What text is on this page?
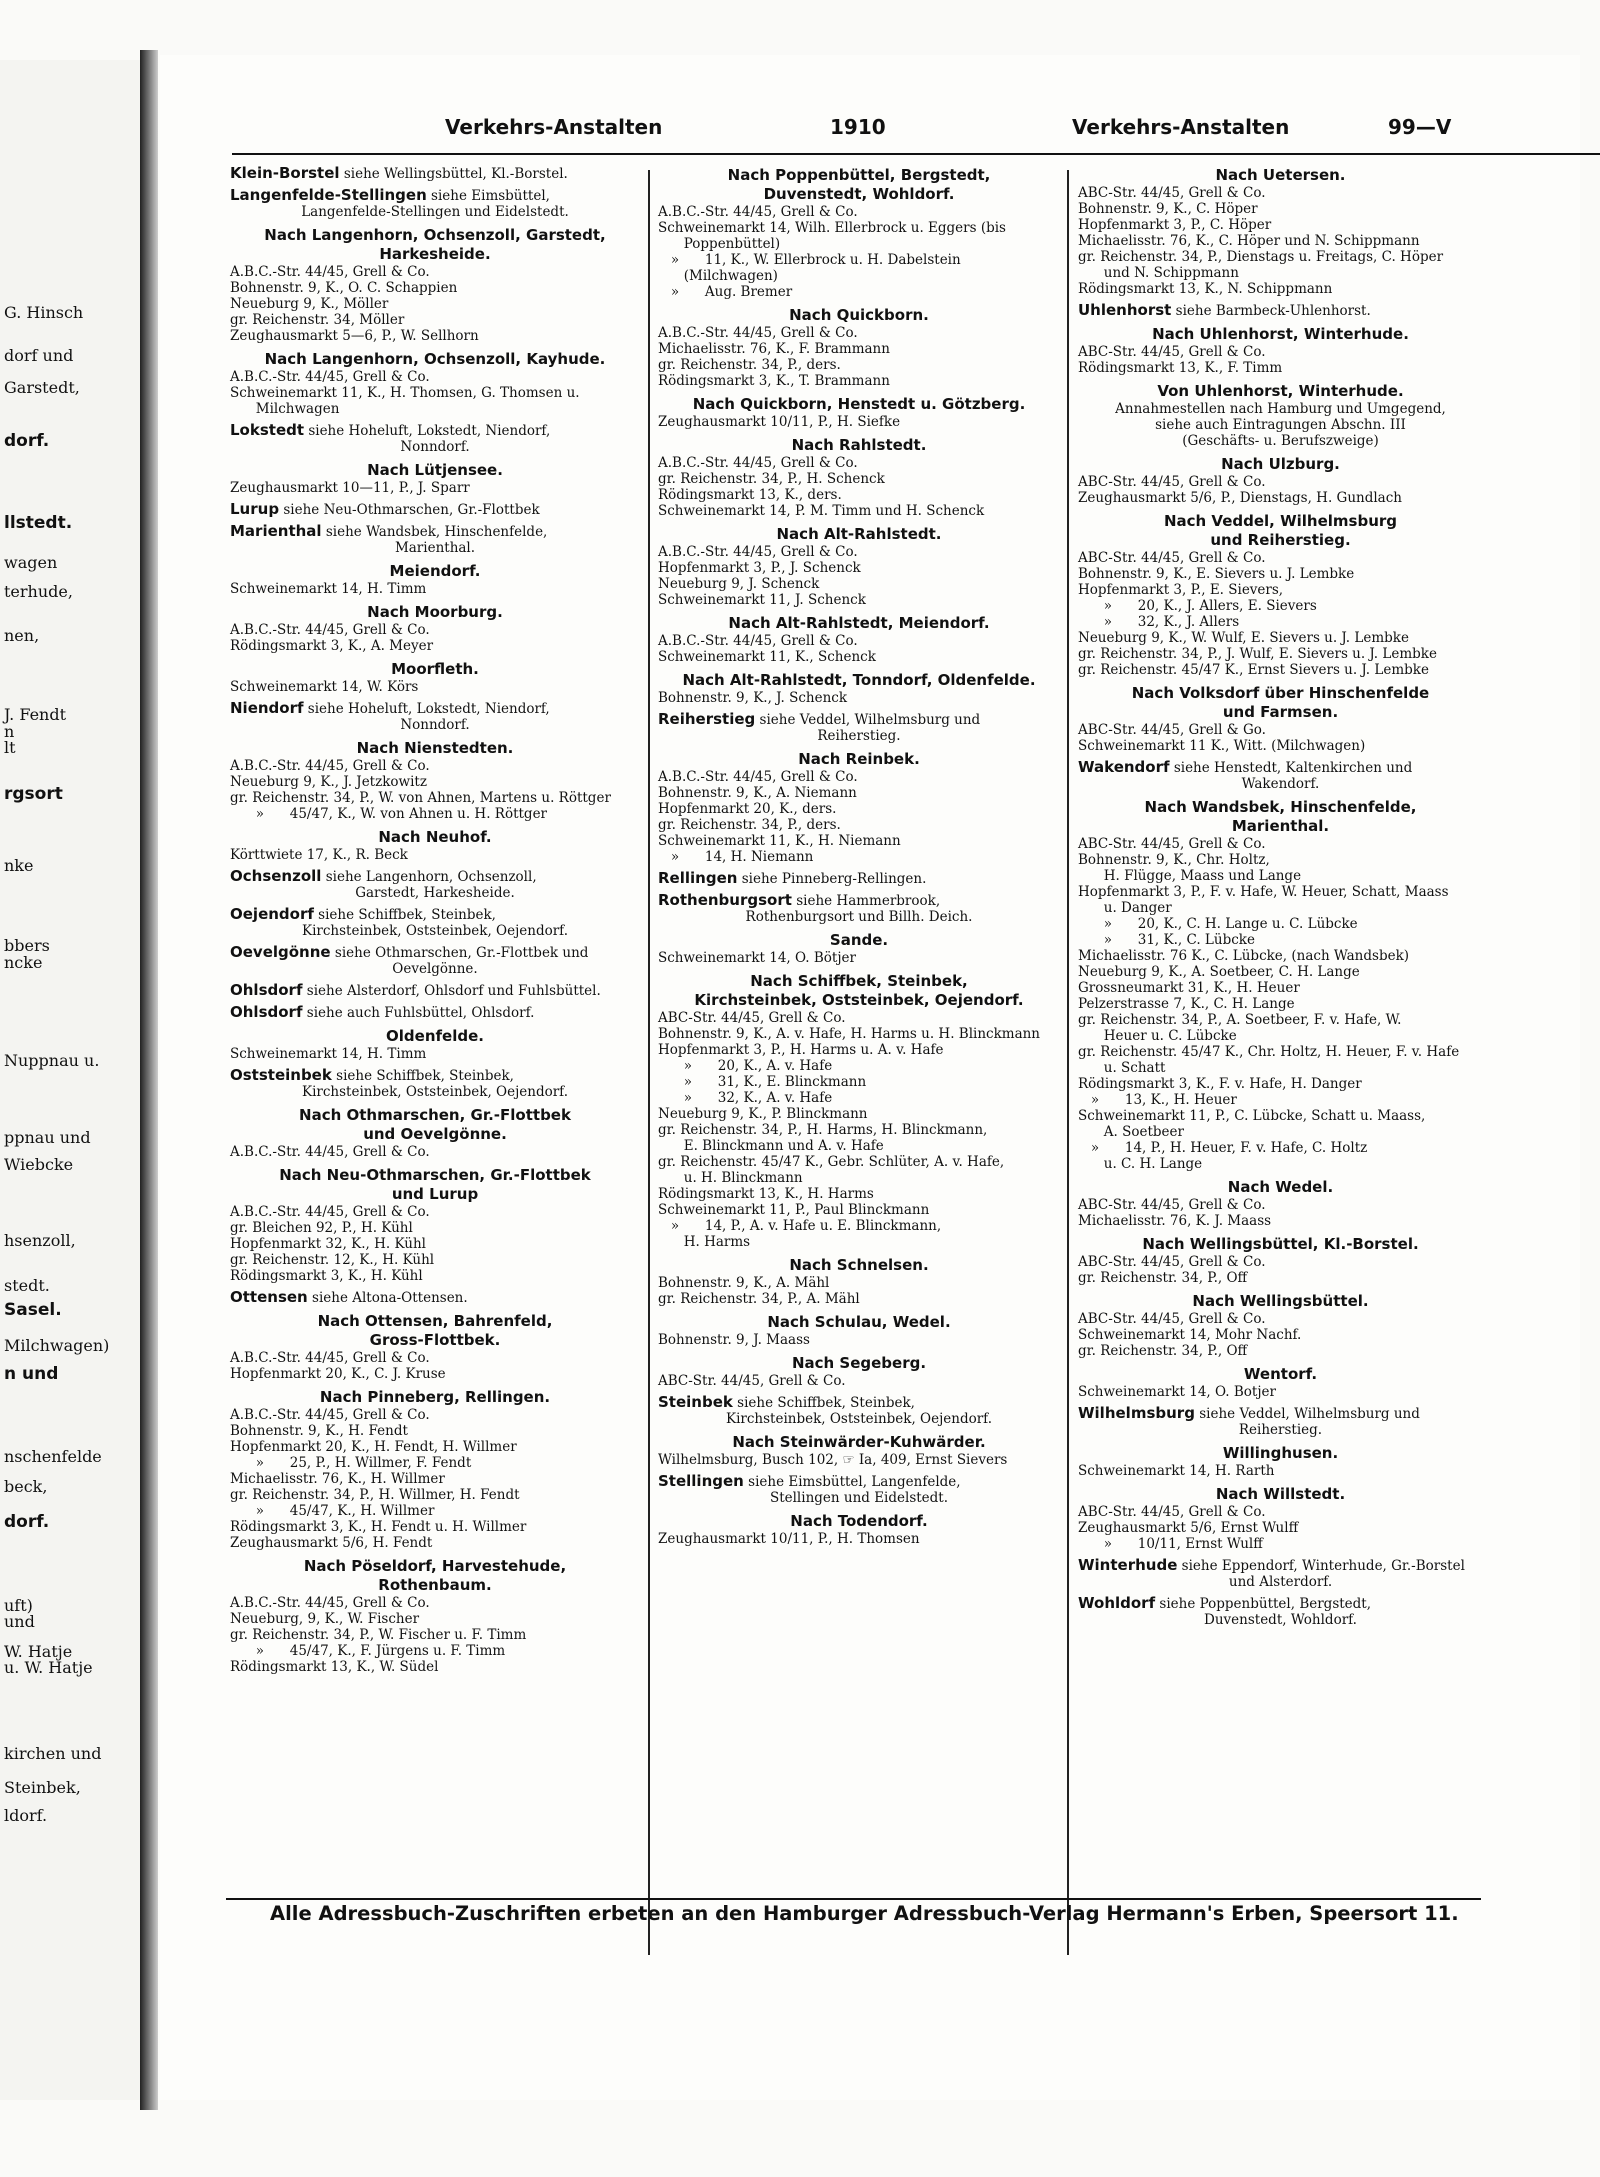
G. Hinsch
dorf und
Garstedt,
dorf.
llstedt.
wagen
terhude,
nen,
J. Fendt
n
lt
rgsort
nke
bbers
ncke
Nuppnau u.
ppnau und
Wiebcke
hsenzoll,
stedt.
Sasel.
Milchwagen)
n und
nschenfelde
beck,
dorf.
uft)
und
W. Hatje
u. W. Hatje
kirchen und
Steinbek,
ldorf.
Verkehrs-Anstalten	1910	Verkehrs-Anstalten	99—V
Klein-Borstel siehe Wellingsbüttel, Kl.-Borstel.
Langenfelde-Stellingen siehe Eimsbüttel,
Langenfelde-Stellingen und Eidelstedt.
Nach Langenhorn, Ochsenzoll, Garstedt,
Harkesheide.
A.B.C.-Str. 44/45, Grell & Co.
Bohnenstr. 9, K., O. C. Schappien
Neueburg 9, K., Möller
gr. Reichenstr. 34, Möller
Zeughausmarkt 5—6, P., W. Sellhorn
Nach Langenhorn, Ochsenzoll, Kayhude.
A.B.C.-Str. 44/45, Grell & Co.
Schweinemarkt 11, K., H. Thomsen, G. Thomsen u.
Milchwagen
Lokstedt siehe Hoheluft, Lokstedt, Niendorf,
Nonndorf.
Nach Lütjensee.
Zeughausmarkt 10—11, P., J. Sparr
Lurup siehe Neu-Othmarschen, Gr.-Flottbek
Marienthal siehe Wandsbek, Hinschenfelde,
Marienthal.
Meiendorf.
Schweinemarkt 14, H. Timm
Nach Moorburg.
A.B.C.-Str. 44/45, Grell & Co.
Rödingsmarkt 3, K., A. Meyer
Moorfleth.
Schweinemarkt 14, W. Körs
Niendorf siehe Hoheluft, Lokstedt, Niendorf,
Nonndorf.
Nach Nienstedten.
A.B.C.-Str. 44/45, Grell & Co.
Neueburg 9, K., J. Jetzkowitz
gr. Reichenstr. 34, P., W. von Ahnen, Martens u. Röttger
»      45/47, K., W. von Ahnen u. H. Röttger
Nach Neuhof.
Körttwiete 17, K., R. Beck
Ochsenzoll siehe Langenhorn, Ochsenzoll,
Garstedt, Harkesheide.
Oejendorf siehe Schiffbek, Steinbek,
Kirchsteinbek, Oststeinbek, Oejendorf.
Oevelgönne siehe Othmarschen, Gr.-Flottbek und
Oevelgönne.
Ohlsdorf siehe Alsterdorf, Ohlsdorf und Fuhlsbüttel.
Ohlsdorf siehe auch Fuhlsbüttel, Ohlsdorf.
Oldenfelde.
Schweinemarkt 14, H. Timm
Oststeinbek siehe Schiffbek, Steinbek,
Kirchsteinbek, Oststeinbek, Oejendorf.
Nach Othmarschen, Gr.-Flottbek
und Oevelgönne.
A.B.C.-Str. 44/45, Grell & Co.
Nach Neu-Othmarschen, Gr.-Flottbek
und Lurup
A.B.C.-Str. 44/45, Grell & Co.
gr. Bleichen 92, P., H. Kühl
Hopfenmarkt 32, K., H. Kühl
gr. Reichenstr. 12, K., H. Kühl
Rödingsmarkt 3, K., H. Kühl
Ottensen siehe Altona-Ottensen.
Nach Ottensen, Bahrenfeld,
Gross-Flottbek.
A.B.C.-Str. 44/45, Grell & Co.
Hopfenmarkt 20, K., C. J. Kruse
Nach Pinneberg, Rellingen.
A.B.C.-Str. 44/45, Grell & Co.
Bohnenstr. 9, K., H. Fendt
Hopfenmarkt 20, K., H. Fendt, H. Willmer
»      25, P., H. Willmer, F. Fendt
Michaelisstr. 76, K., H. Willmer
gr. Reichenstr. 34, P., H. Willmer, H. Fendt
»      45/47, K., H. Willmer
Rödingsmarkt 3, K., H. Fendt u. H. Willmer
Zeughausmarkt 5/6, H. Fendt
Nach Pöseldorf, Harvestehude,
Rothenbaum.
A.B.C.-Str. 44/45, Grell & Co.
Neueburg, 9, K., W. Fischer
gr. Reichenstr. 34, P., W. Fischer u. F. Timm
»      45/47, K., F. Jürgens u. F. Timm
Rödingsmarkt 13, K., W. Südel
Nach Poppenbüttel, Bergstedt,
Duvenstedt, Wohldorf.
A.B.C.-Str. 44/45, Grell & Co.
Schweinemarkt 14, Wilh. Ellerbrock u. Eggers (bis
Poppenbüttel)
»      11, K., W. Ellerbrock u. H. Dabelstein
(Milchwagen)
»      Aug. Bremer
Nach Quickborn.
A.B.C.-Str. 44/45, Grell & Co.
Michaelisstr. 76, K., F. Brammann
gr. Reichenstr. 34, P., ders.
Rödingsmarkt 3, K., T. Brammann
Nach Quickborn, Henstedt u. Götzberg.
Zeughausmarkt 10/11, P., H. Siefke
Nach Rahlstedt.
A.B.C.-Str. 44/45, Grell & Co.
gr. Reichenstr. 34, P., H. Schenck
Rödingsmarkt 13, K., ders.
Schweinemarkt 14, P. M. Timm und H. Schenck
Nach Alt-Rahlstedt.
A.B.C.-Str. 44/45, Grell & Co.
Hopfenmarkt 3, P., J. Schenck
Neueburg 9, J. Schenck
Schweinemarkt 11, J. Schenck
Nach Alt-Rahlstedt, Meiendorf.
A.B.C.-Str. 44/45, Grell & Co.
Schweinemarkt 11, K., Schenck
Nach Alt-Rahlstedt, Tonndorf, Oldenfelde.
Bohnenstr. 9, K., J. Schenck
Reiherstieg siehe Veddel, Wilhelmsburg und
Reiherstieg.
Nach Reinbek.
A.B.C.-Str. 44/45, Grell & Co.
Bohnenstr. 9, K., A. Niemann
Hopfenmarkt 20, K., ders.
gr. Reichenstr. 34, P., ders.
Schweinemarkt 11, K., H. Niemann
»      14, H. Niemann
Rellingen siehe Pinneberg-Rellingen.
Rothenburgsort siehe Hammerbrook,
Rothenburgsort und Billh. Deich.
Sande.
Schweinemarkt 14, O. Bötjer
Nach Schiffbek, Steinbek,
Kirchsteinbek, Oststeinbek, Oejendorf.
ABC-Str. 44/45, Grell & Co.
Bohnenstr. 9, K., A. v. Hafe, H. Harms u. H. Blinckmann
Hopfenmarkt 3, P., H. Harms u. A. v. Hafe
»      20, K., A. v. Hafe
»      31, K., E. Blinckmann
»      32, K., A. v. Hafe
Neueburg 9, K., P. Blinckmann
gr. Reichenstr. 34, P., H. Harms, H. Blinckmann,
E. Blinckmann und A. v. Hafe
gr. Reichenstr. 45/47 K., Gebr. Schlüter, A. v. Hafe,
u. H. Blinckmann
Rödingsmarkt 13, K., H. Harms
Schweinemarkt 11, P., Paul Blinckmann
»      14, P., A. v. Hafe u. E. Blinckmann,
H. Harms
Nach Schnelsen.
Bohnenstr. 9, K., A. Mähl
gr. Reichenstr. 34, P., A. Mähl
Nach Schulau, Wedel.
Bohnenstr. 9, J. Maass
Nach Segeberg.
ABC-Str. 44/45, Grell & Co.
Steinbek siehe Schiffbek, Steinbek,
Kirchsteinbek, Oststeinbek, Oejendorf.
Nach Steinwärder-Kuhwärder.
Wilhelmsburg, Busch 102, ☞ Ia, 409, Ernst Sievers
Stellingen siehe Eimsbüttel, Langenfelde,
Stellingen und Eidelstedt.
Nach Todendorf.
Zeughausmarkt 10/11, P., H. Thomsen
Nach Uetersen.
ABC-Str. 44/45, Grell & Co.
Bohnenstr. 9, K., C. Höper
Hopfenmarkt 3, P., C. Höper
Michaelisstr. 76, K., C. Höper und N. Schippmann
gr. Reichenstr. 34, P., Dienstags u. Freitags, C. Höper
und N. Schippmann
Rödingsmarkt 13, K., N. Schippmann
Uhlenhorst siehe Barmbeck-Uhlenhorst.
Nach Uhlenhorst, Winterhude.
ABC-Str. 44/45, Grell & Co.
Rödingsmarkt 13, K., F. Timm
Von Uhlenhorst, Winterhude.
Annahmestellen nach Hamburg und Umgegend,
siehe auch Eintragungen Abschn. III
(Geschäfts- u. Berufszweige)
Nach Ulzburg.
ABC-Str. 44/45, Grell & Co.
Zeughausmarkt 5/6, P., Dienstags, H. Gundlach
Nach Veddel, Wilhelmsburg
und Reiherstieg.
ABC-Str. 44/45, Grell & Co.
Bohnenstr. 9, K., E. Sievers u. J. Lembke
Hopfenmarkt 3, P., E. Sievers,
»      20, K., J. Allers, E. Sievers
»      32, K., J. Allers
Neueburg 9, K., W. Wulf, E. Sievers u. J. Lembke
gr. Reichenstr. 34, P., J. Wulf, E. Sievers u. J. Lembke
gr. Reichenstr. 45/47 K., Ernst Sievers u. J. Lembke
Nach Volksdorf über Hinschenfelde
und Farmsen.
ABC-Str. 44/45, Grell & Go.
Schweinemarkt 11 K., Witt. (Milchwagen)
Wakendorf siehe Henstedt, Kaltenkirchen und
Wakendorf.
Nach Wandsbek, Hinschenfelde,
Marienthal.
ABC-Str. 44/45, Grell & Co.
Bohnenstr. 9, K., Chr. Holtz,
H. Flügge, Maass und Lange
Hopfenmarkt 3, P., F. v. Hafe, W. Heuer, Schatt, Maass
u. Danger
»      20, K., C. H. Lange u. C. Lübcke
»      31, K., C. Lübcke
Michaelisstr. 76 K., C. Lübcke, (nach Wandsbek)
Neueburg 9, K., A. Soetbeer, C. H. Lange
Grossneumarkt 31, K., H. Heuer
Pelzerstrasse 7, K., C. H. Lange
gr. Reichenstr. 34, P., A. Soetbeer, F. v. Hafe, W.
Heuer u. C. Lübcke
gr. Reichenstr. 45/47 K., Chr. Holtz, H. Heuer, F. v. Hafe
u. Schatt
Rödingsmarkt 3, K., F. v. Hafe, H. Danger
»      13, K., H. Heuer
Schweinemarkt 11, P., C. Lübcke, Schatt u. Maass,
A. Soetbeer
»      14, P., H. Heuer, F. v. Hafe, C. Holtz
u. C. H. Lange
Nach Wedel.
ABC-Str. 44/45, Grell & Co.
Michaelisstr. 76, K. J. Maass
Nach Wellingsbüttel, Kl.-Borstel.
ABC-Str. 44/45, Grell & Co.
gr. Reichenstr. 34, P., Off
Nach Wellingsbüttel.
ABC-Str. 44/45, Grell & Co.
Schweinemarkt 14, Mohr Nachf.
gr. Reichenstr. 34, P., Off
Wentorf.
Schweinemarkt 14, O. Botjer
Wilhelmsburg siehe Veddel, Wilhelmsburg und
Reiherstieg.
Willinghusen.
Schweinemarkt 14, H. Rarth
Nach Willstedt.
ABC-Str. 44/45, Grell & Co.
Zeughausmarkt 5/6, Ernst Wulff
»      10/11, Ernst Wulff
Winterhude siehe Eppendorf, Winterhude, Gr.-Borstel
und Alsterdorf.
Wohldorf siehe Poppenbüttel, Bergstedt,
Duvenstedt, Wohldorf.
Alle Adressbuch-Zuschriften erbeten an den Hamburger Adressbuch-Verlag Hermann's Erben, Speersort 11.
